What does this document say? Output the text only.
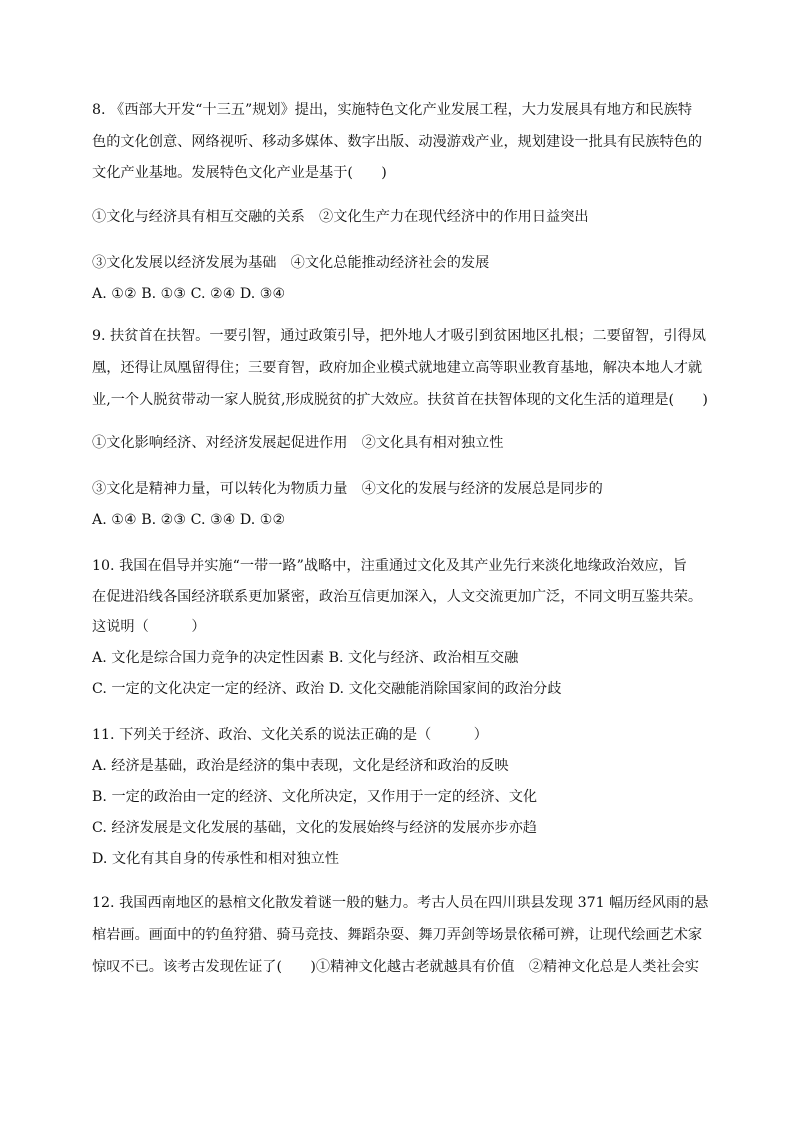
8. 《西部大开发“十三五”规划》提出，实施特色文化产业发展工程，大力发展具有地方和民族特
色的文化创意、网络视听、移动多媒体、数字出版、动漫游戏产业，规划建设一批具有民族特色的
文化产业基地。发展特色文化产业是基于(　　)
①文化与经济具有相互交融的关系　②文化生产力在现代经济中的作用日益突出
③文化发展以经济发展为基础　④文化总能推动经济社会的发展
A. ①② B. ①③ C. ②④ D. ③④
9. 扶贫首在扶智。一要引智，通过政策引导，把外地人才吸引到贫困地区扎根；二要留智，引得凤
凰，还得让凤凰留得住；三要育智，政府加企业模式就地建立高等职业教育基地，解决本地人才就
业,一个人脱贫带动一家人脱贫,形成脱贫的扩大效应。扶贫首在扶智体现的文化生活的道理是(　　)
①文化影响经济、对经济发展起促进作用　②文化具有相对独立性
③文化是精神力量，可以转化为物质力量　④文化的发展与经济的发展总是同步的
A. ①④ B. ②③ C. ③④ D. ①②
10. 我国在倡导并实施“一带一路”战略中，注重通过文化及其产业先行来淡化地缘政治效应，旨
在促进沿线各国经济联系更加紧密，政治互信更加深入，人文交流更加广泛，不同文明互鉴共荣。
这说明（　　　）
A. 文化是综合国力竞争的决定性因素 B. 文化与经济、政治相互交融
C. 一定的文化决定一定的经济、政治 D. 文化交融能消除国家间的政治分歧
11. 下列关于经济、政治、文化关系的说法正确的是（　　　）
A. 经济是基础，政治是经济的集中表现，文化是经济和政治的反映
B. 一定的政治由一定的经济、文化所决定，又作用于一定的经济、文化
C. 经济发展是文化发展的基础，文化的发展始终与经济的发展亦步亦趋
D. 文化有其自身的传承性和相对独立性
12. 我国西南地区的悬棺文化散发着谜一般的魅力。考古人员在四川珙县发现 371 幅历经风雨的悬
棺岩画。画面中的钓鱼狩猎、骑马竞技、舞蹈杂耍、舞刀弄剑等场景依稀可辨，让现代绘画艺术家
惊叹不已。该考古发现佐证了(　　)①精神文化越古老就越具有价值　②精神文化总是人类社会实
